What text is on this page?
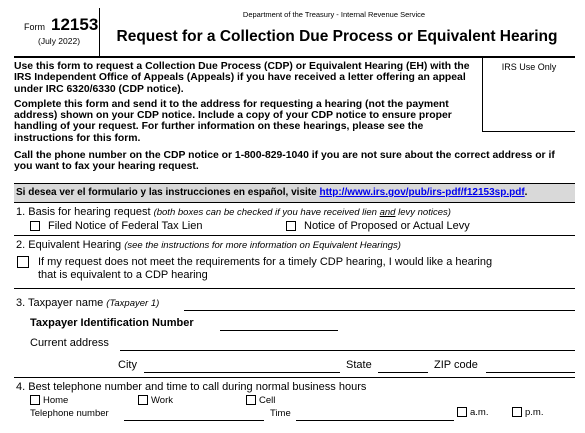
Form 12153
(July 2022)
Department of the Treasury - Internal Revenue Service
Request for a Collection Due Process or Equivalent Hearing

Use this form to request a Collection Due Process (CDP) or Equivalent Hearing (EH) with the IRS Independent Office of Appeals (Appeals) if you have received a letter offering an appeal under IRC 6320/6330 (CDP notice).

Complete this form and send it to the address for requesting a hearing (not the payment address) shown on your CDP notice. Include a copy of your CDP notice to ensure proper handling of your request. For further information on these hearings, please see the instructions for this form.

IRS Use Only
Call the phone number on the CDP notice or 1-800-829-1040 if you are not sure about the correct address or if you want to fax your hearing request.
Si desea ver el formulario y las instrucciones en español, visite http://www.irs.gov/pub/irs-pdf/f12153sp.pdf.
1. Basis for hearing request (both boxes can be checked if you have received lien and levy notices)
Filed Notice of Federal Tax Lien	Notice of Proposed or Actual Levy
2. Equivalent Hearing (see the instructions for more information on Equivalent Hearings)
If my request does not meet the requirements for a timely CDP hearing, I would like a hearing
that is equivalent to a CDP hearing
3. Taxpayer name (Taxpayer 1)
Taxpayer Identification Number
Current address
City	State	ZIP code
4. Best telephone number and time to call during normal business hours
Home	Work	Cell
Telephone number	Time	a.m.	p.m.
